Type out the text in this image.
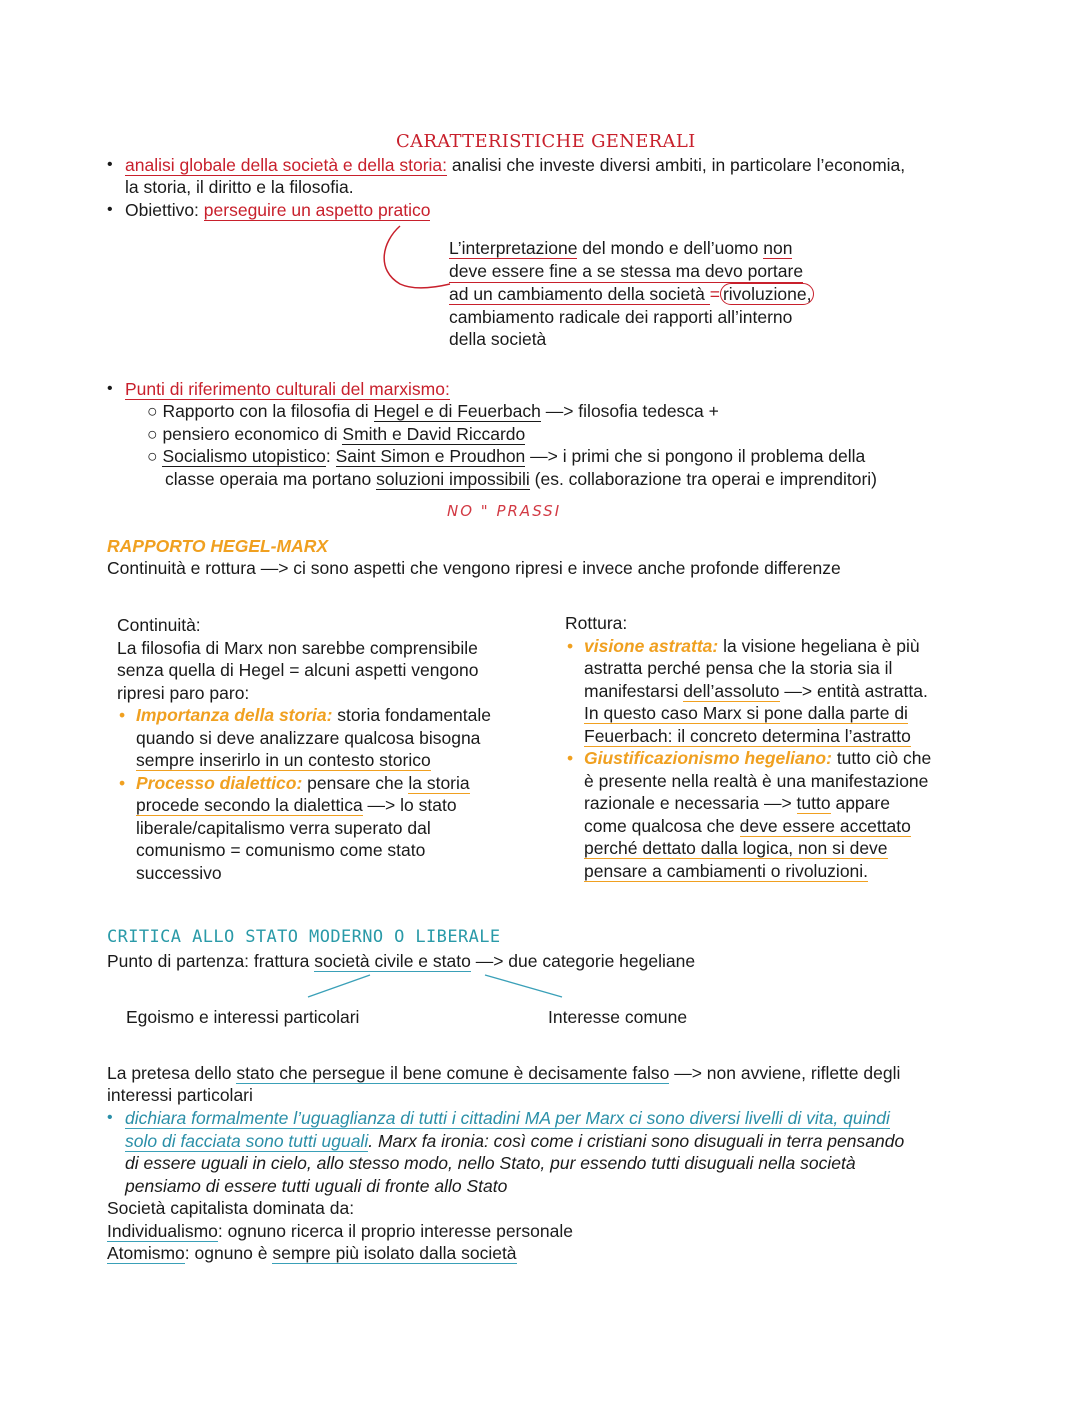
CARATTERISTICHE GENERALI
• analisi globale della società e della storia: analisi che investe diversi ambiti, in particolare l’economia,
la storia, il diritto e la filosofia.
• Obiettivo: perseguire un aspetto pratico
L’interpretazione del mondo e dell’uomo non
deve essere fine a se stessa ma devo portare
ad un cambiamento della società = rivoluzione,
cambiamento radicale dei rapporti all’interno
della società
• Punti di riferimento culturali del marxismo:
○ Rapporto con la filosofia di Hegel e di Feuerbach —> filosofia tedesca +
○ pensiero economico di Smith e David Riccardo
○ Socialismo utopistico: Saint Simon e Proudhon —> i primi che si pongono il problema della
classe operaia ma portano soluzioni impossibili (es. collaborazione tra operai e imprenditori)
NO " PRASSI
RAPPORTO HEGEL-MARX
Continuità e rottura —> ci sono aspetti che vengono ripresi e invece anche profonde differenze
Continuità:
La filosofia di Marx non sarebbe comprensibile
senza quella di Hegel = alcuni aspetti vengono
ripresi paro paro:
• Importanza della storia: storia fondamentale
quando si deve analizzare qualcosa bisogna
sempre inserirlo in un contesto storico
• Processo dialettico: pensare che la storia
procede secondo la dialettica —> lo stato
liberale/capitalismo verra superato dal
comunismo = comunismo come stato
successivo
Rottura:
• visione astratta: la visione hegeliana è più
astratta perché pensa che la storia sia il
manifestarsi dell’assoluto —> entità astratta.
In questo caso Marx si pone dalla parte di
Feuerbach: il concreto determina l’astratto
• Giustificazionismo hegeliano: tutto ciò che
è presente nella realtà è una manifestazione
razionale e necessaria —> tutto appare
come qualcosa che deve essere accettato
perché dettato dalla logica, non si deve
pensare a cambiamenti o rivoluzioni.
CRITICA ALLO STATO MODERNO O LIBERALE
Punto di partenza: frattura società civile e stato —> due categorie hegeliane
Egoismo e interessi particolari	Interesse comune
La pretesa dello stato che persegue il bene comune è decisamente falso —> non avviene, riflette degli
interessi particolari
• dichiara formalmente l’uguaglianza di tutti i cittadini MA per Marx ci sono diversi livelli di vita, quindi
solo di facciata sono tutti uguali. Marx fa ironia: così come i cristiani sono disuguali in terra pensando
di essere uguali in cielo, allo stesso modo, nello Stato, pur essendo tutti disuguali nella società
pensiamo di essere tutti uguali di fronte allo Stato
Società capitalista dominata da:
Individualismo: ognuno ricerca il proprio interesse personale
Atomismo: ognuno è sempre più isolato dalla società
